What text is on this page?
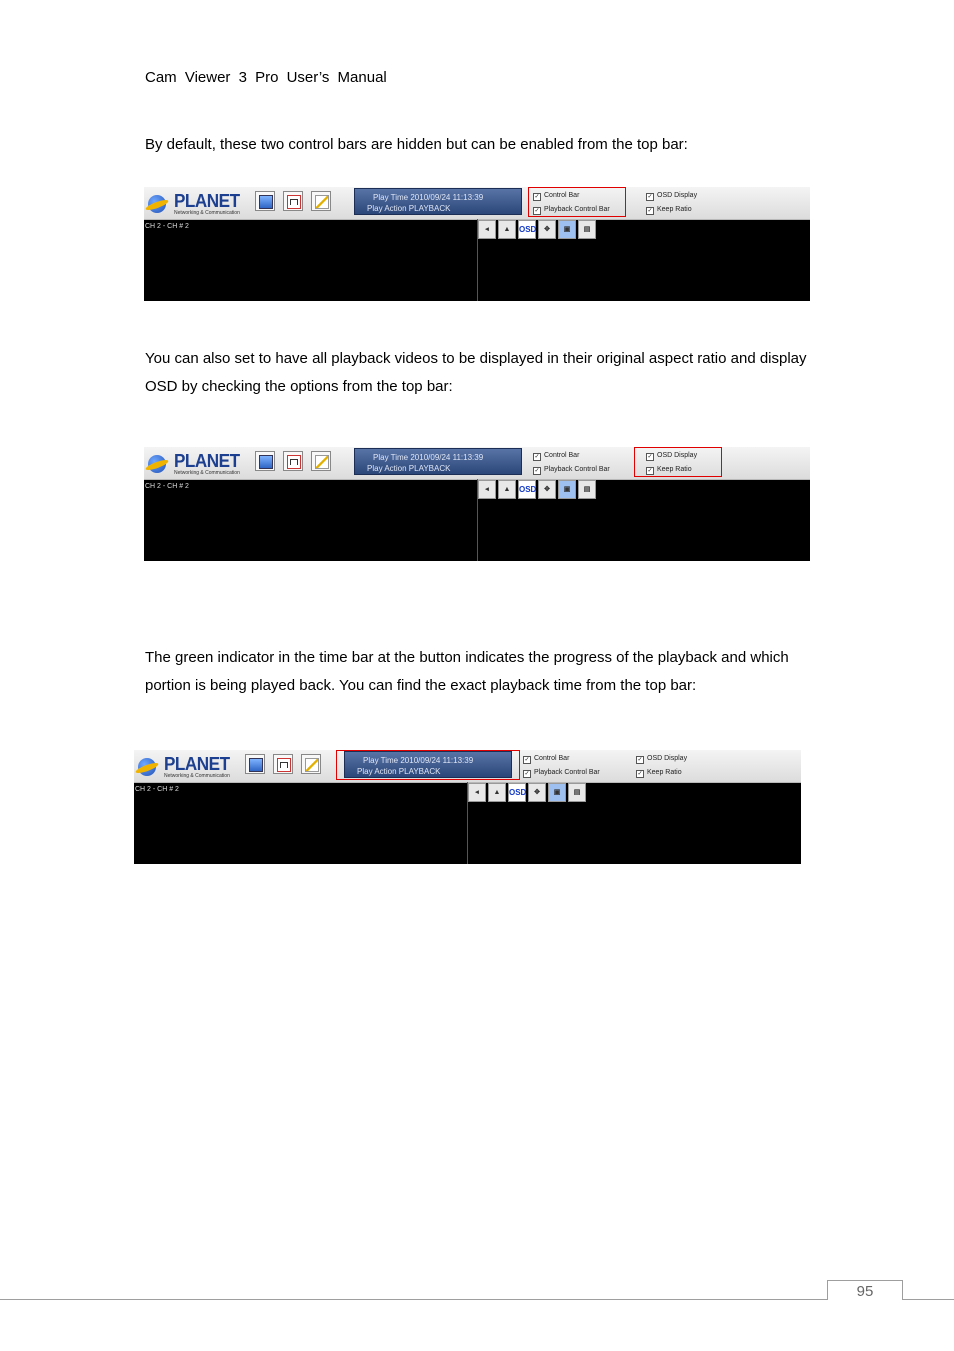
Cam Viewer 3 Pro User’s Manual
By default, these two control bars are hidden but can be enabled from the top bar:
PLANET
Networking & Communication
Play Time 2010/09/24 11:13:39
Play Action PLAYBACK
✓ Control Bar
✓ Playback Control Bar
✓ OSD Display
✓ Keep Ratio
CH 2 - CH # 2	◂	▲	OSD	✥	▣	▤
You can also set to have all playback videos to be displayed in their original aspect ratio and display OSD by checking the options from the top bar:
PLANET
Networking & Communication
Play Time 2010/09/24 11:13:39
Play Action PLAYBACK
✓ Control Bar
✓ Playback Control Bar
✓ OSD Display
✓ Keep Ratio
CH 2 - CH # 2	◂	▲	OSD	✥	▣	▤
The green indicator in the time bar at the button indicates the progress of the playback and which portion is being played back. You can find the exact playback time from the top bar:
PLANET
Networking & Communication
Play Time 2010/09/24 11:13:39
Play Action PLAYBACK
✓ Control Bar
✓ Playback Control Bar
✓ OSD Display
✓ Keep Ratio
CH 2 - CH # 2	◂	▲	OSD	✥	▣	▤
95
